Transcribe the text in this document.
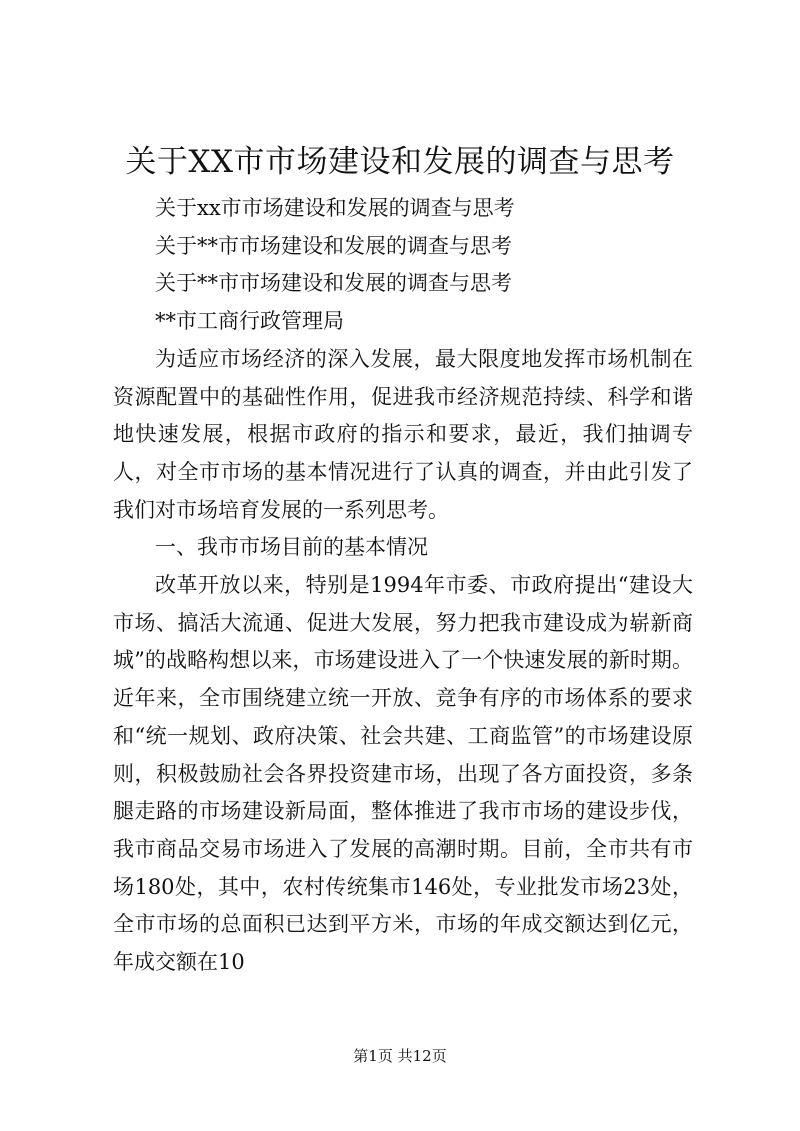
关于XX市市场建设和发展的调查与思考

关于xx市市场建设和发展的调查与思考

关于**市市场建设和发展的调查与思考

关于**市市场建设和发展的调查与思考

**市工商行政管理局

为适应市场经济的深入发展，最大限度地发挥市场机制在资源配置中的基础性作用，促进我市经济规范持续、科学和谐地快速发展，根据市政府的指示和要求，最近，我们抽调专人，对全市市场的基本情况进行了认真的调查，并由此引发了我们对市场培育发展的一系列思考。

一、我市市场目前的基本情况

改革开放以来，特别是1994年市委、市政府提出“建设大市场、搞活大流通、促进大发展，努力把我市建设成为崭新商城”的战略构想以来，市场建设进入了一个快速发展的新时期。近年来，全市围绕建立统一开放、竞争有序的市场体系的要求和“统一规划、政府决策、社会共建、工商监管”的市场建设原则，积极鼓励社会各界投资建市场，出现了各方面投资，多条腿走路的市场建设新局面，整体推进了我市市场的建设步伐，我市商品交易市场进入了发展的高潮时期。目前，全市共有市场180处，其中，农村传统集市146处，专业批发市场23处，全市市场的总面积已达到平方米，市场的年成交额达到亿元，年成交额在10

第1页 共12页
